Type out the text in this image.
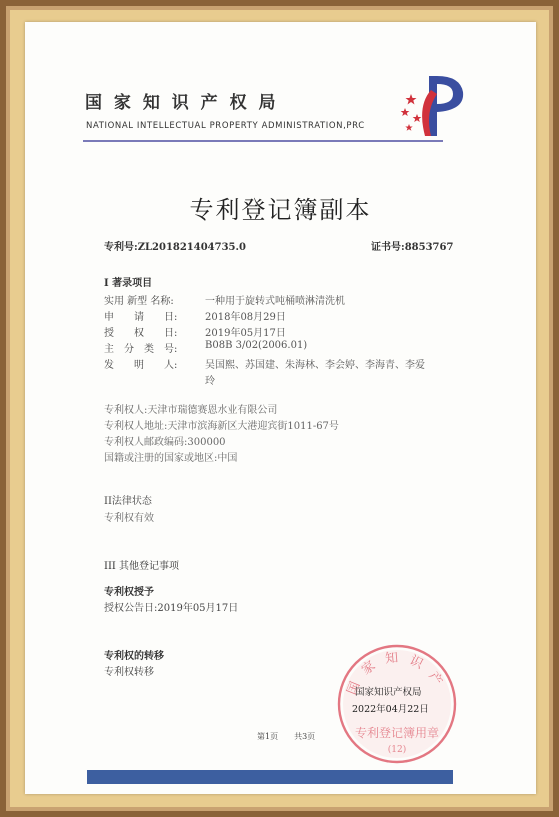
国 家 知 识 产 权 局

NATIONAL INTELLECTUAL PROPERTY ADMINISTRATION,PRC

专利登记簿副本

专利号:ZL201821404735.0	证书号:8853767

I 著录项目

实用 新型 名称:	一种用于旋转式吨桶喷淋清洗机

申　　请　　日:	2018年08月29日

授　　权　　日:	2019年05月17日

主　分　类　号:	B08B 3/02(2006.01)

发　　明　　人:	吴国熙、苏国建、朱海林、李会婷、李海青、李爱

玲

专利权人:天津市瑞德赛恩水业有限公司

专利权人地址:天津市滨海新区大港迎宾街1011-67号

专利权人邮政编码:300000

国籍或注册的国家或地区:中国

II法律状态

专利权有效

III 其他登记事项

专利权授予

授权公告日:2019年05月17日

专利权的转移

专利权转移

国 家 知 识 产
专利登记簿用章
(12)

国家知识产权局

2022年04月22日

第1页　　共3页
